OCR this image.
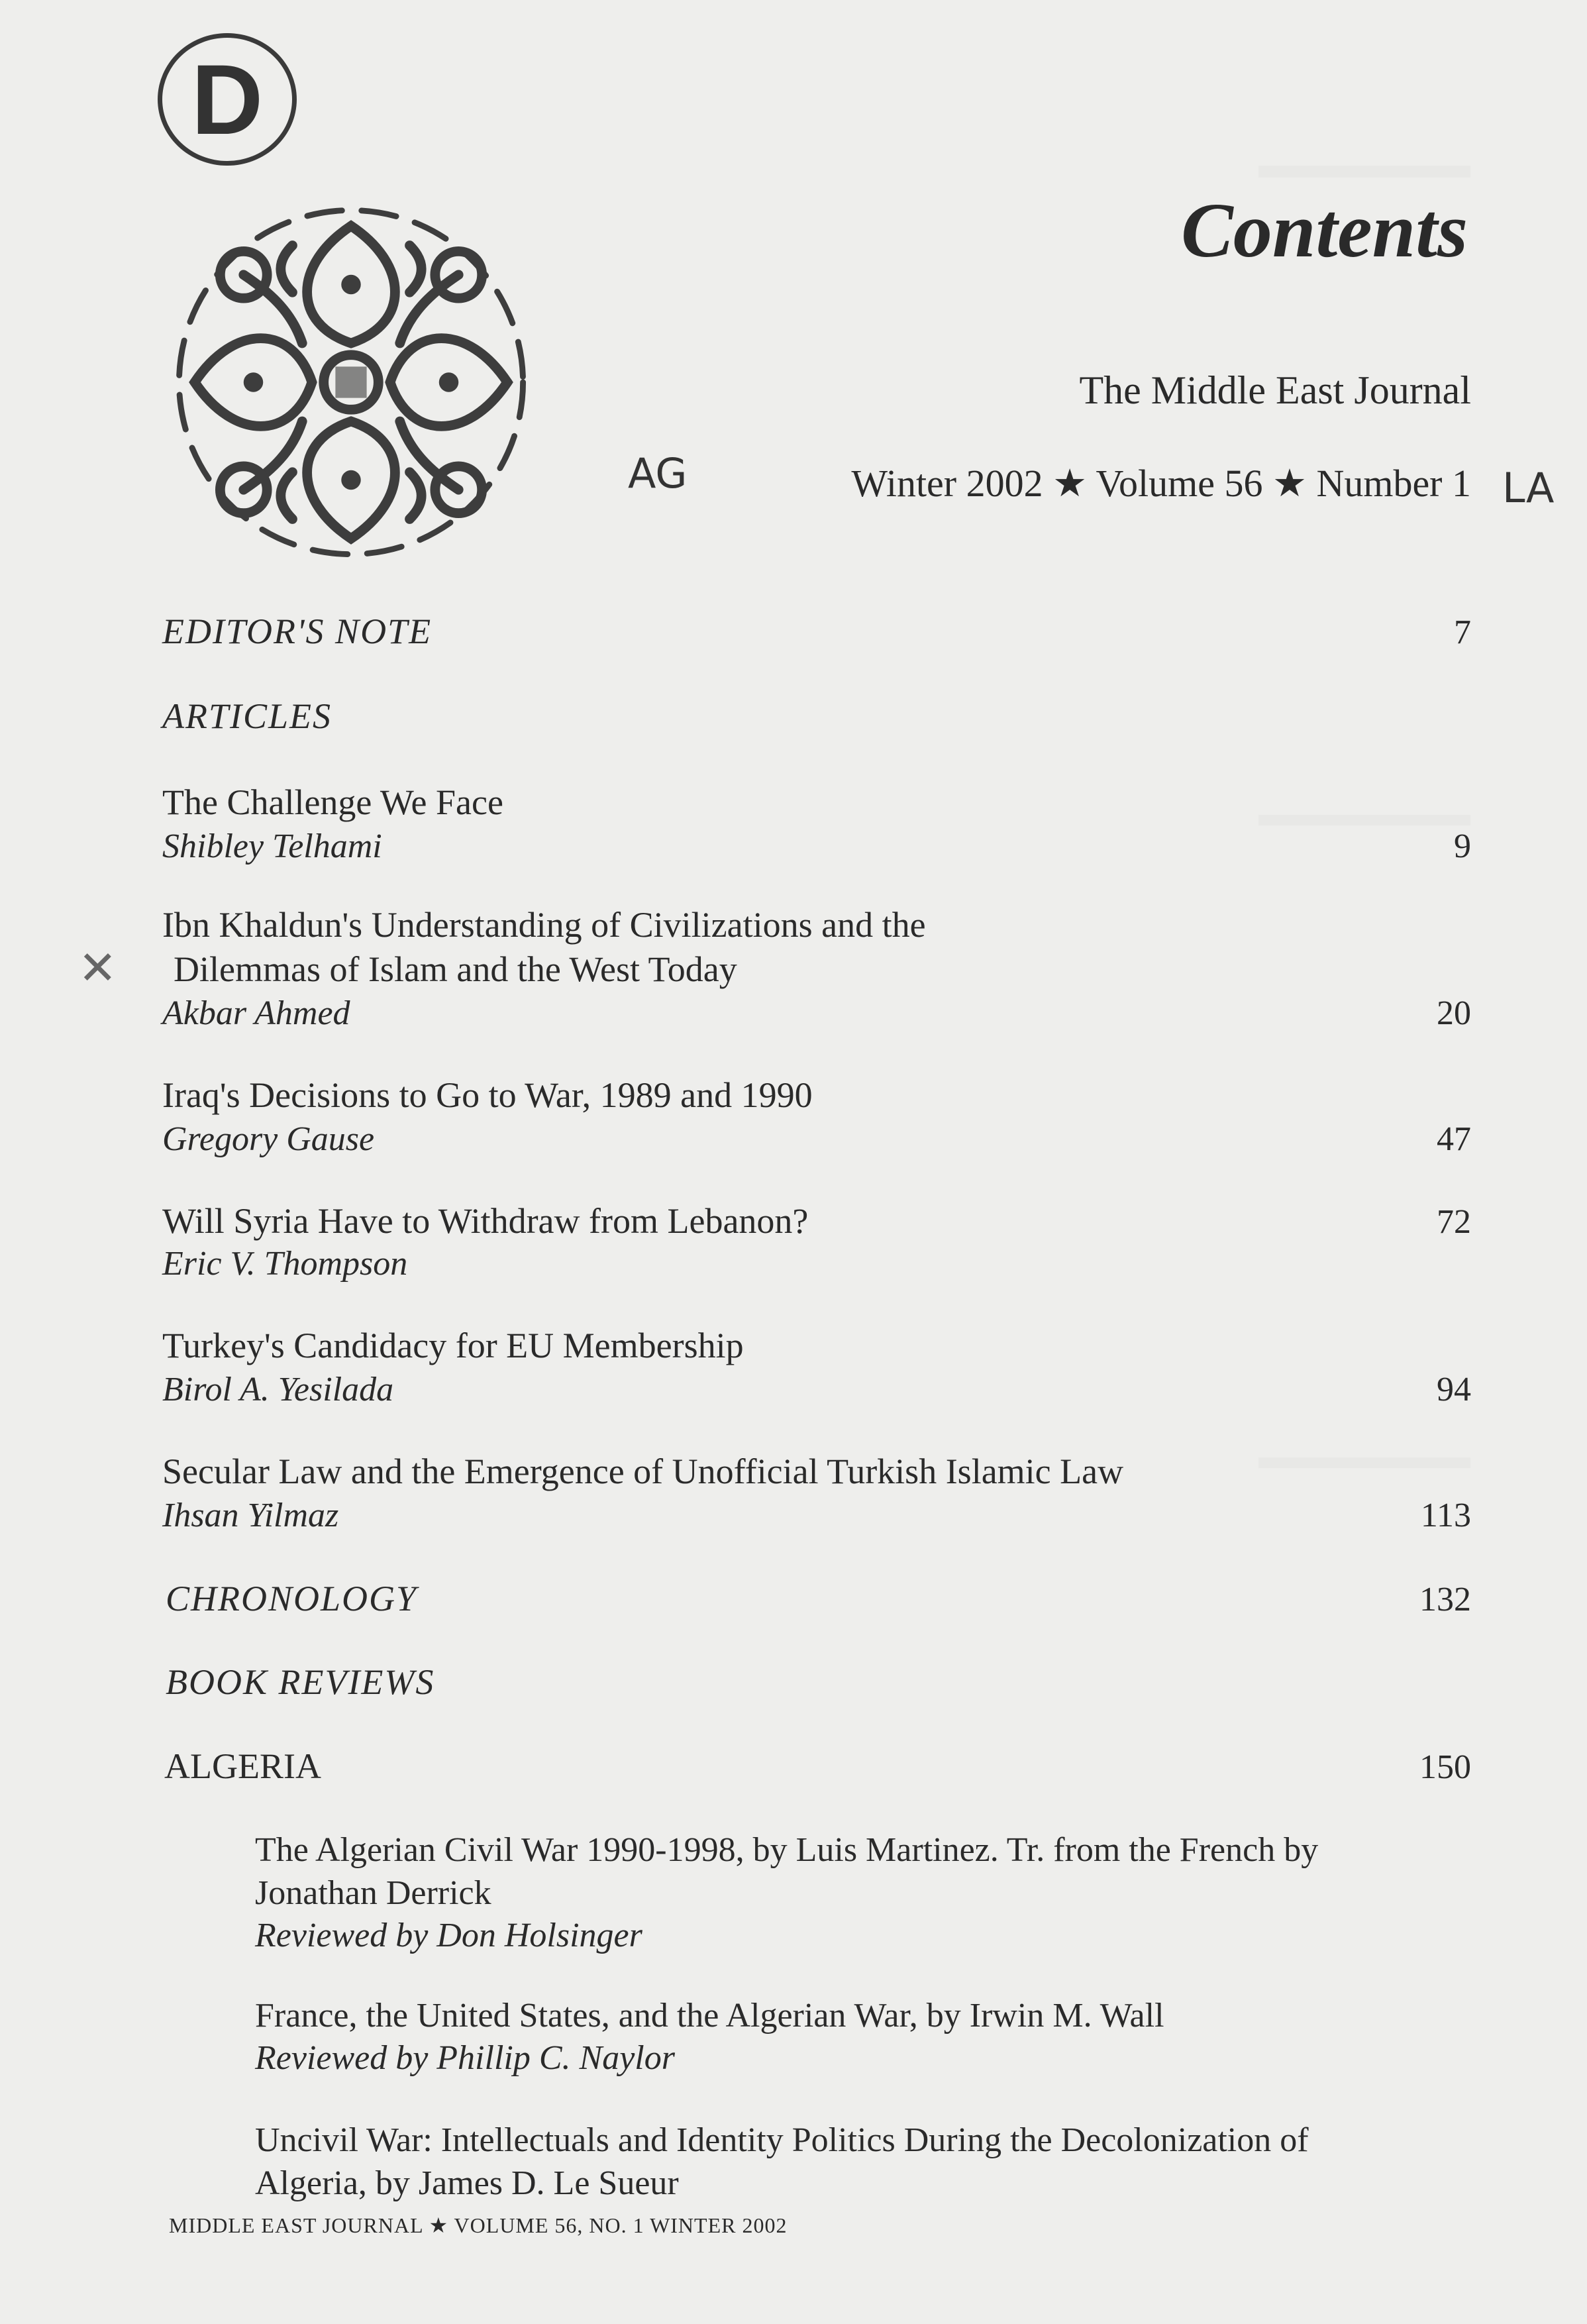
D
Contents
The Middle East Journal
AG	Winter 2002 ★ Volume 56 ★ Number 1 LA
✕
EDITOR'S NOTE	7
ARTICLES
The Challenge We Face
Shibley Telhami	9
Ibn Khaldun's Understanding of Civilizations and the
Dilemmas of Islam and the West Today
Akbar Ahmed	20
Iraq's Decisions to Go to War, 1989 and 1990
Gregory Gause	47
Will Syria Have to Withdraw from Lebanon?	72
Eric V. Thompson
Turkey's Candidacy for EU Membership
Birol A. Yesilada	94
Secular Law and the Emergence of Unofficial Turkish Islamic Law
Ihsan Yilmaz	113
CHRONOLOGY	132
BOOK REVIEWS
ALGERIA	150
The Algerian Civil War 1990-1998, by Luis Martinez. Tr. from the French by
Jonathan Derrick
Reviewed by Don Holsinger
France, the United States, and the Algerian War, by Irwin M. Wall
Reviewed by Phillip C. Naylor
Uncivil War: Intellectuals and Identity Politics During the Decolonization of
Algeria, by James D. Le Sueur
MIDDLE EAST JOURNAL ★ VOLUME 56, NO. 1 WINTER 2002
